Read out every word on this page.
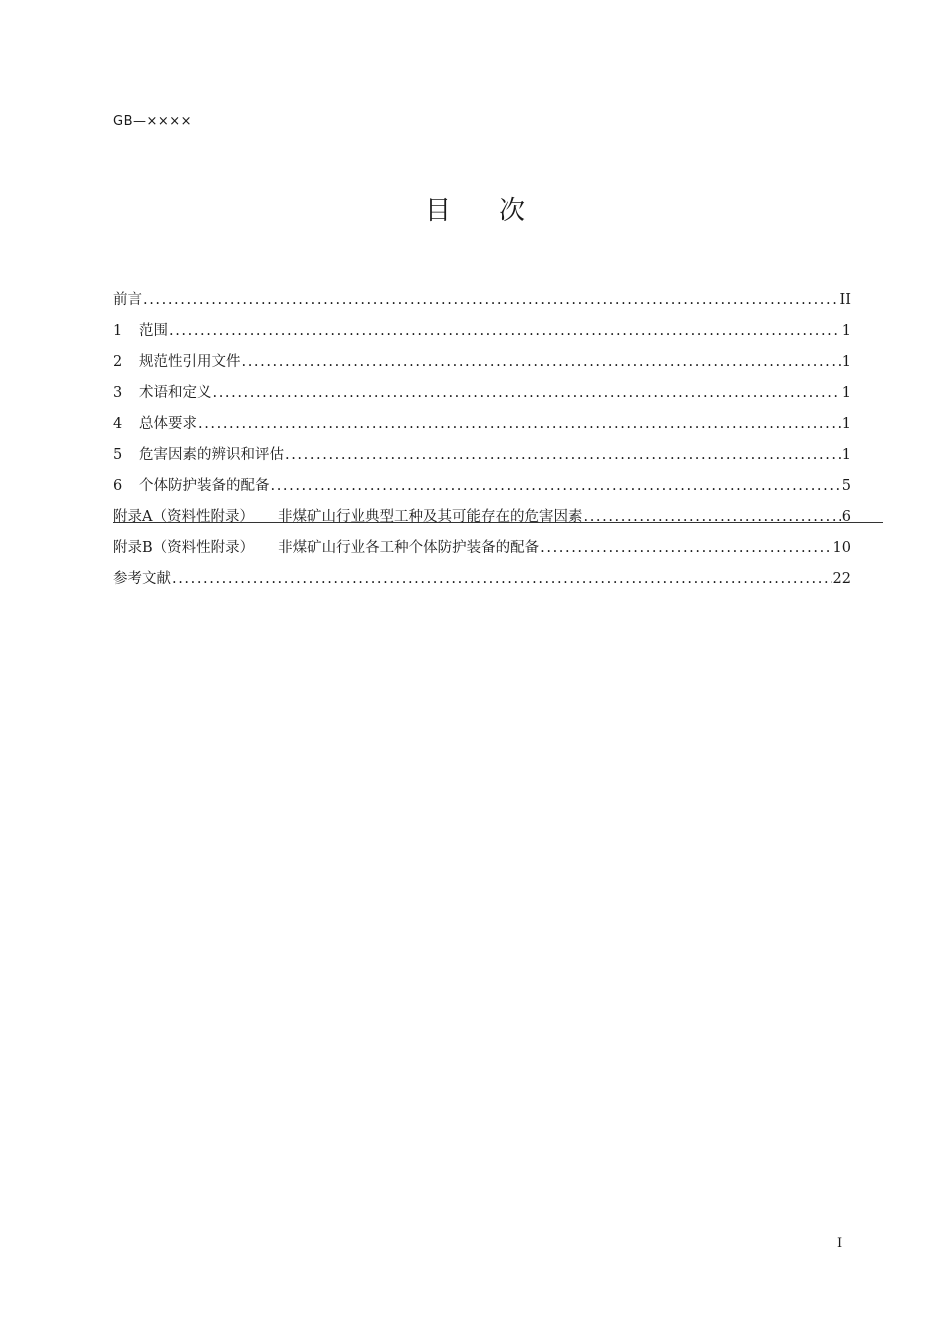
GB—××××
目 次
前言 .....	II
1	范围 .....	1
2	规范性引用文件 .....	1
3	术语和定义 .....	1
4	总体要求 .....	1
5	危害因素的辨识和评估 .....	1
6	个体防护装备的配备 .....	5
附录A（资料性附录） 非煤矿山行业典型工种及其可能存在的危害因素 .....	6
附录B（资料性附录） 非煤矿山行业各工种个体防护装备的配备 .....	10
参考文献 .....	22
I
